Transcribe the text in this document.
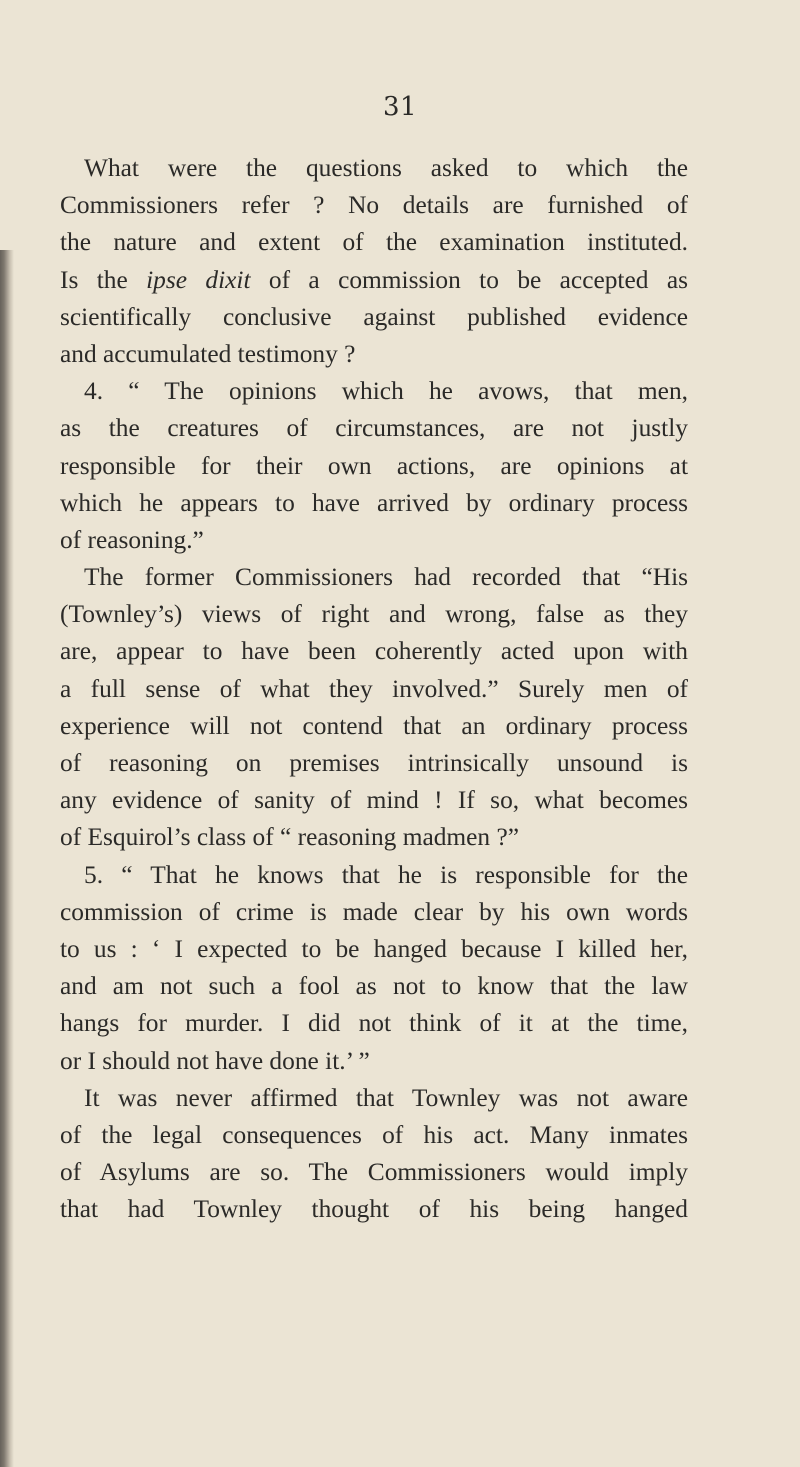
31
What were the questions asked to which the
Commissioners refer ? No details are furnished of
the nature and extent of the examination instituted.
Is the ipse dixit of a commission to be accepted as
scientifically conclusive against published evidence
and accumulated testimony ?
4. “ The opinions which he avows, that men,
as the creatures of circumstances, are not justly
responsible for their own actions, are opinions at
which he appears to have arrived by ordinary process
of reasoning.”
The former Commissioners had recorded that “His
(Townley’s) views of right and wrong, false as they
are, appear to have been coherently acted upon with
a full sense of what they involved.” Surely men of
experience will not contend that an ordinary process
of reasoning on premises intrinsically unsound is
any evidence of sanity of mind ! If so, what becomes
of Esquirol’s class of “ reasoning madmen ?”
5. “ That he knows that he is responsible for the
commission of crime is made clear by his own words
to us : ‘ I expected to be hanged because I killed her,
and am not such a fool as not to know that the law
hangs for murder. I did not think of it at the time,
or I should not have done it.’ ”
It was never affirmed that Townley was not aware
of the legal consequences of his act. Many inmates
of Asylums are so. The Commissioners would imply
that had Townley thought of his being hanged
